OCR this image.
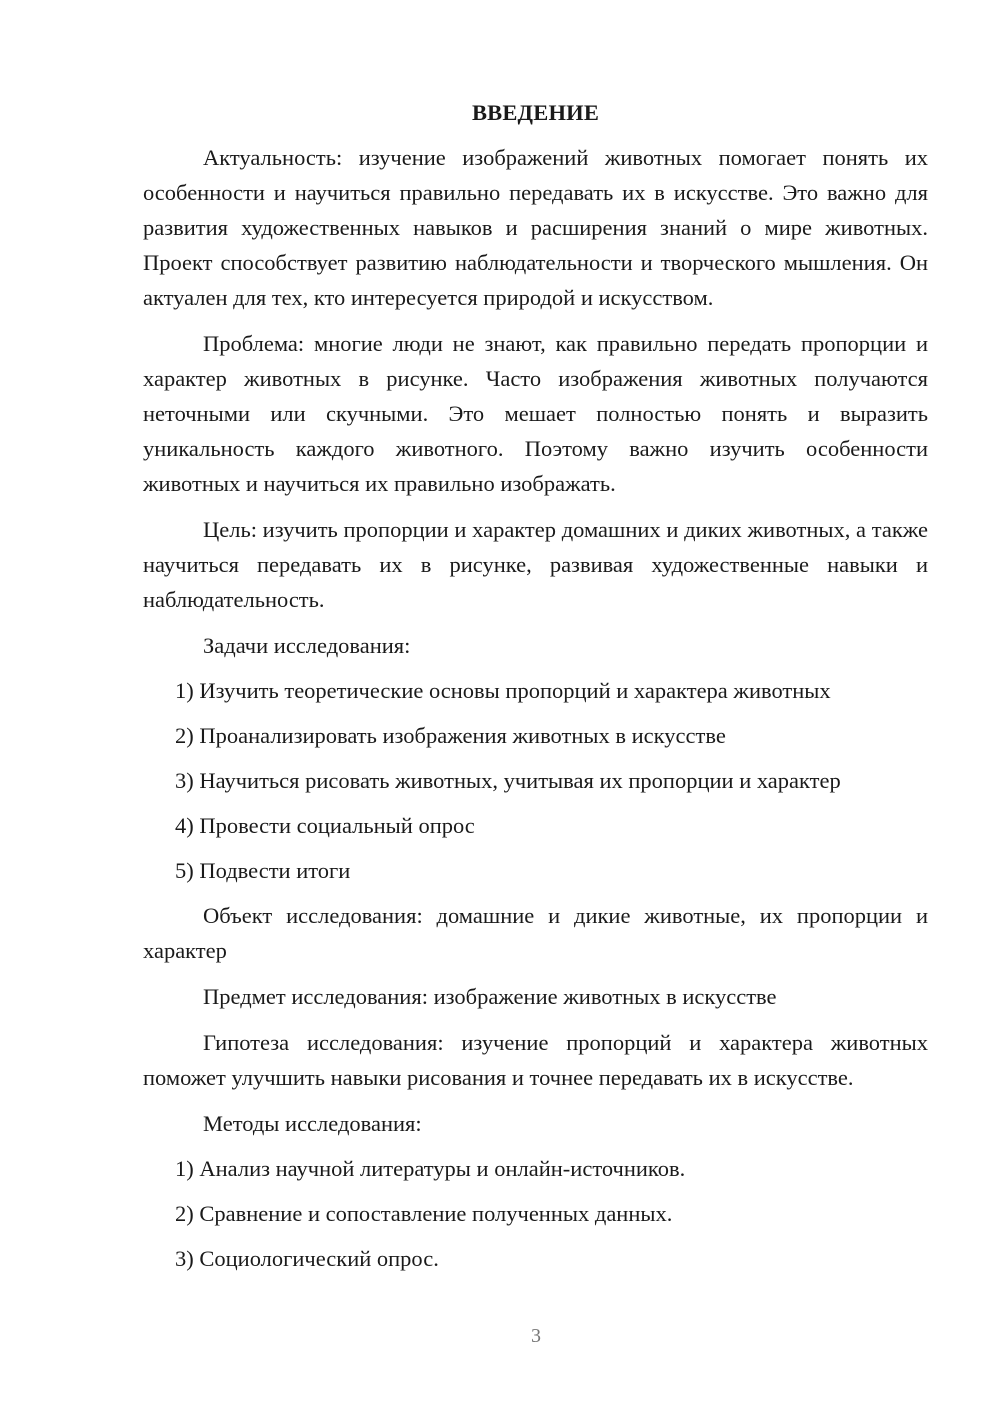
ВВЕДЕНИЕ

Актуальность: изучение изображений животных помогает понять их особенности и научиться правильно передавать их в искусстве. Это важно для развития художественных навыков и расширения знаний о мире животных. Проект способствует развитию наблюдательности и творческого мышления. Он актуален для тех, кто интересуется природой и искусством.

Проблема: многие люди не знают, как правильно передать пропорции и характер животных в рисунке. Часто изображения животных получаются неточными или скучными. Это мешает полностью понять и выразить уникальность каждого животного. Поэтому важно изучить особенности животных и научиться их правильно изображать.

Цель: изучить пропорции и характер домашних и диких животных, а также научиться передавать их в рисунке, развивая художественные навыки и наблюдательность.

Задачи исследования:

1) Изучить теоретические основы пропорций и характера животных
2) Проанализировать изображения животных в искусстве
3) Научиться рисовать животных, учитывая их пропорции и характер
4) Провести социальный опрос
5) Подвести итоги

Объект исследования: домашние и дикие животные, их пропорции и характер

Предмет исследования: изображение животных в искусстве

Гипотеза исследования: изучение пропорций и характера животных поможет улучшить навыки рисования и точнее передавать их в искусстве.

Методы исследования:

1) Анализ научной литературы и онлайн-источников.
2) Сравнение и сопоставление полученных данных.
3) Социологический опрос.
3
